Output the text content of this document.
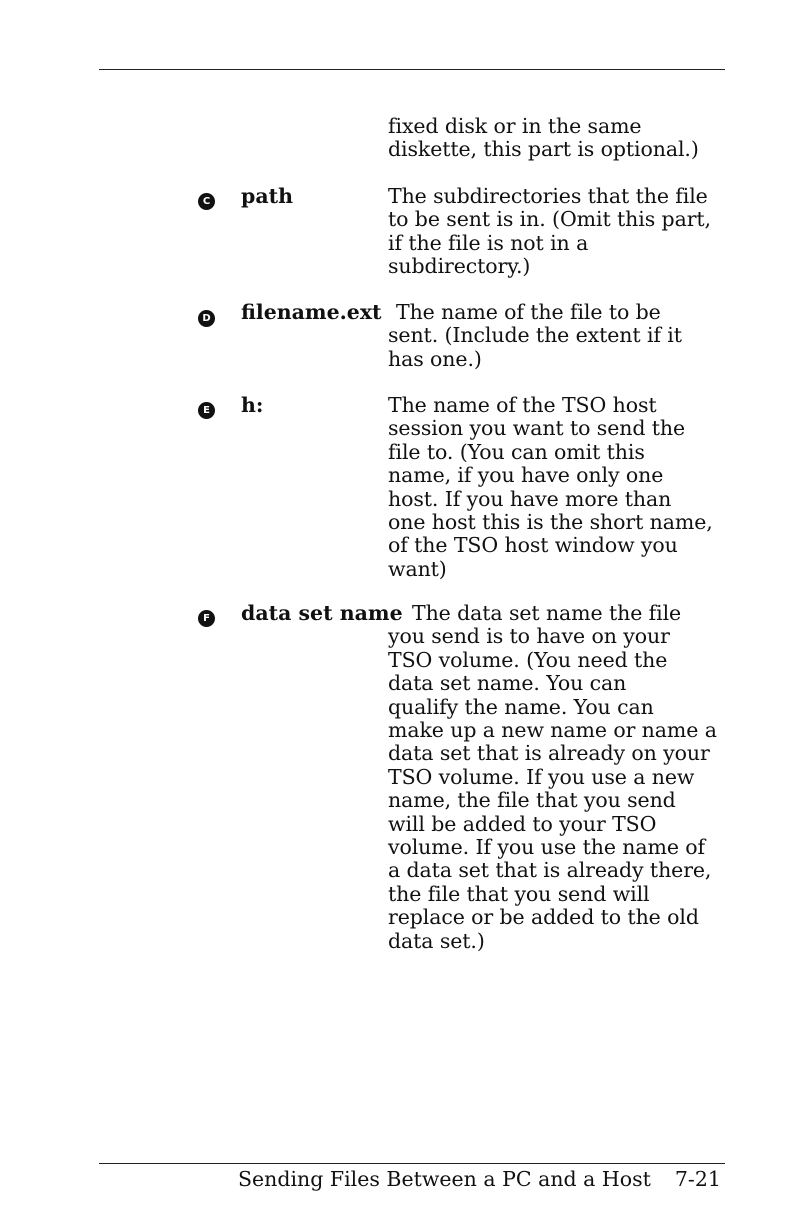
fixed disk or in the same
diskette, this part is optional.)
C path	The subdirectories that the file
to be sent is in. (Omit this part,
if the file is not in a
subdirectory.)
D filename.ext The name of the file to be
sent. (Include the extent if it
has one.)
E h:	The name of the TSO host
session you want to send the
file to. (You can omit this
name, if you have only one
host. If you have more than
one host this is the short name,
of the TSO host window you
want)
F data set name The data set name the file
you send is to have on your
TSO volume. (You need the
data set name. You can
qualify the name. You can
make up a new name or name a
data set that is already on your
TSO volume. If you use a new
name, the file that you send
will be added to your TSO
volume. If you use the name of
a data set that is already there,
the file that you send will
replace or be added to the old
data set.)
Sending Files Between a PC and a Host 7-21
